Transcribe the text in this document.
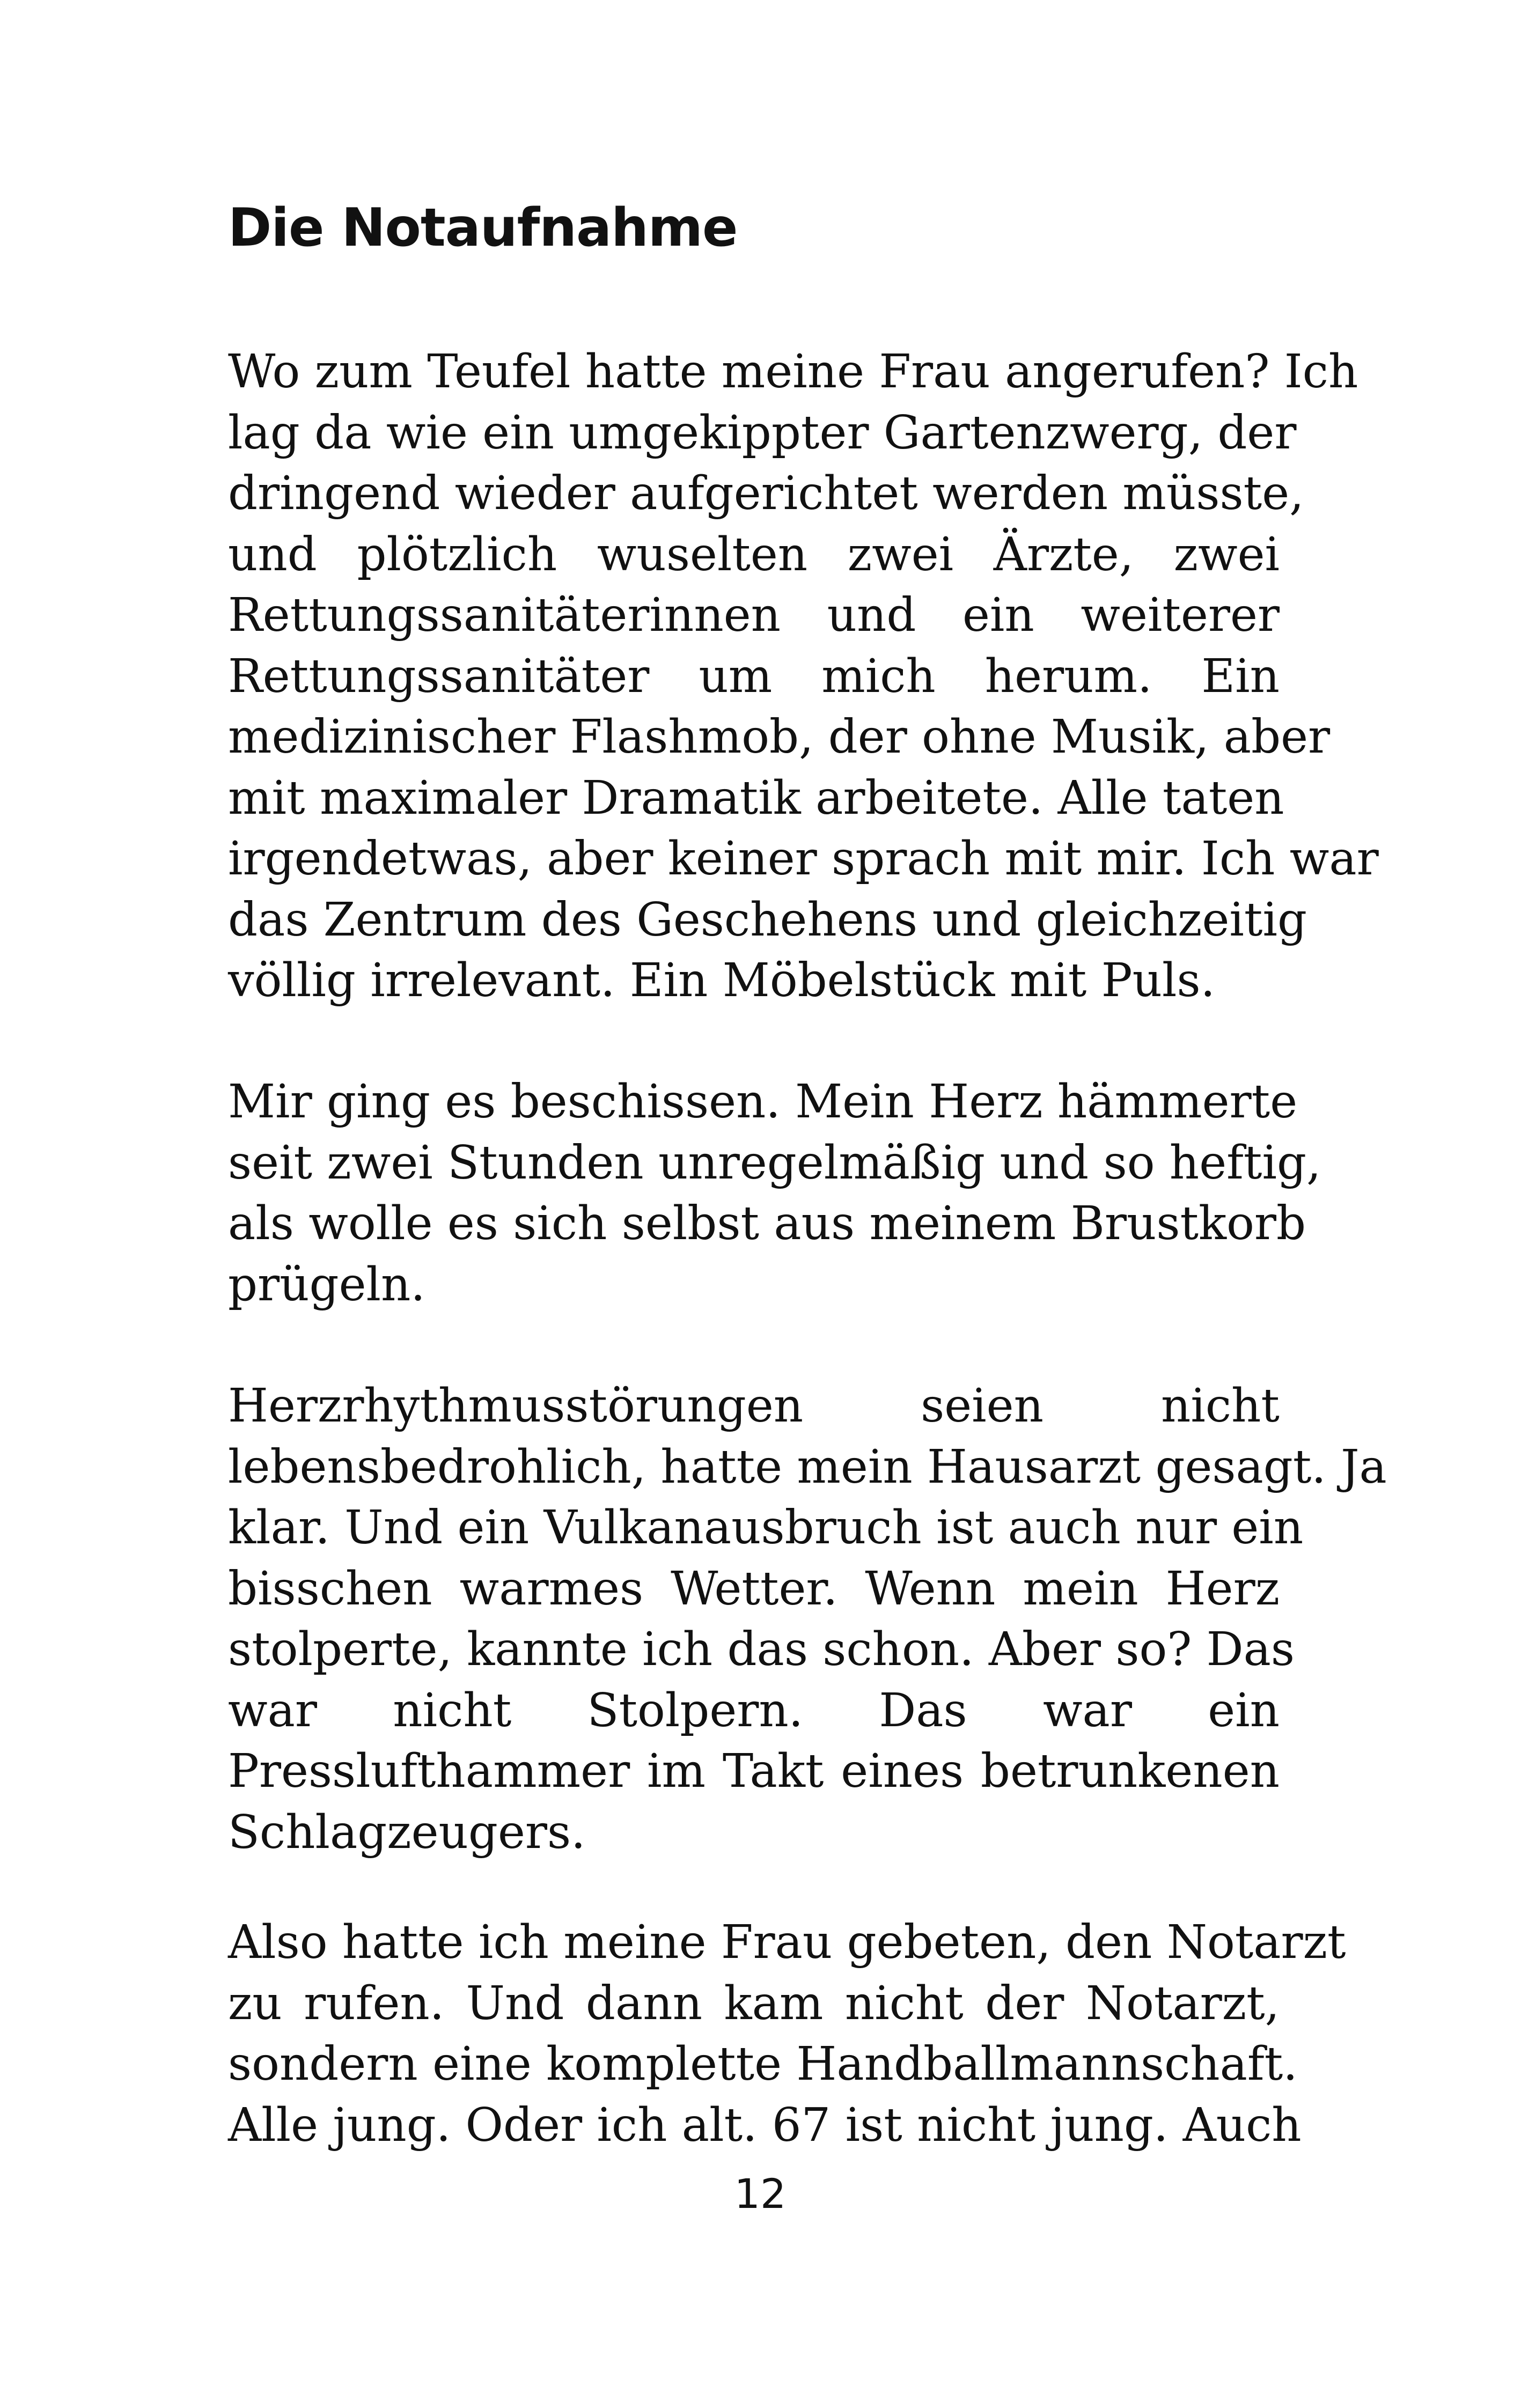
Die Notaufnahme
Wo zum Teufel hatte meine Frau angerufen? Ich
lag da wie ein umgekippter Gartenzwerg, der
dringend wieder aufgerichtet werden müsste,
und plötzlich wuselten zwei Ärzte, zwei
Rettungssanitäterinnen und ein weiterer
Rettungssanitäter um mich herum. Ein
medizinischer Flashmob, der ohne Musik, aber
mit maximaler Dramatik arbeitete. Alle taten
irgendetwas, aber keiner sprach mit mir. Ich war
das Zentrum des Geschehens und gleichzeitig
völlig irrelevant. Ein Möbelstück mit Puls.
Mir ging es beschissen. Mein Herz hämmerte
seit zwei Stunden unregelmäßig und so heftig,
als wolle es sich selbst aus meinem Brustkorb
prügeln.
Herzrhythmusstörungen seien nicht
lebensbedrohlich, hatte mein Hausarzt gesagt. Ja
klar. Und ein Vulkanausbruch ist auch nur ein
bisschen warmes Wetter. Wenn mein Herz
stolperte, kannte ich das schon. Aber so? Das
war nicht Stolpern. Das war ein
Presslufthammer im Takt eines betrunkenen
Schlagzeugers.
Also hatte ich meine Frau gebeten, den Notarzt
zu rufen. Und dann kam nicht der Notarzt,
sondern eine komplette Handballmannschaft.
Alle jung. Oder ich alt. 67 ist nicht jung. Auch
12
